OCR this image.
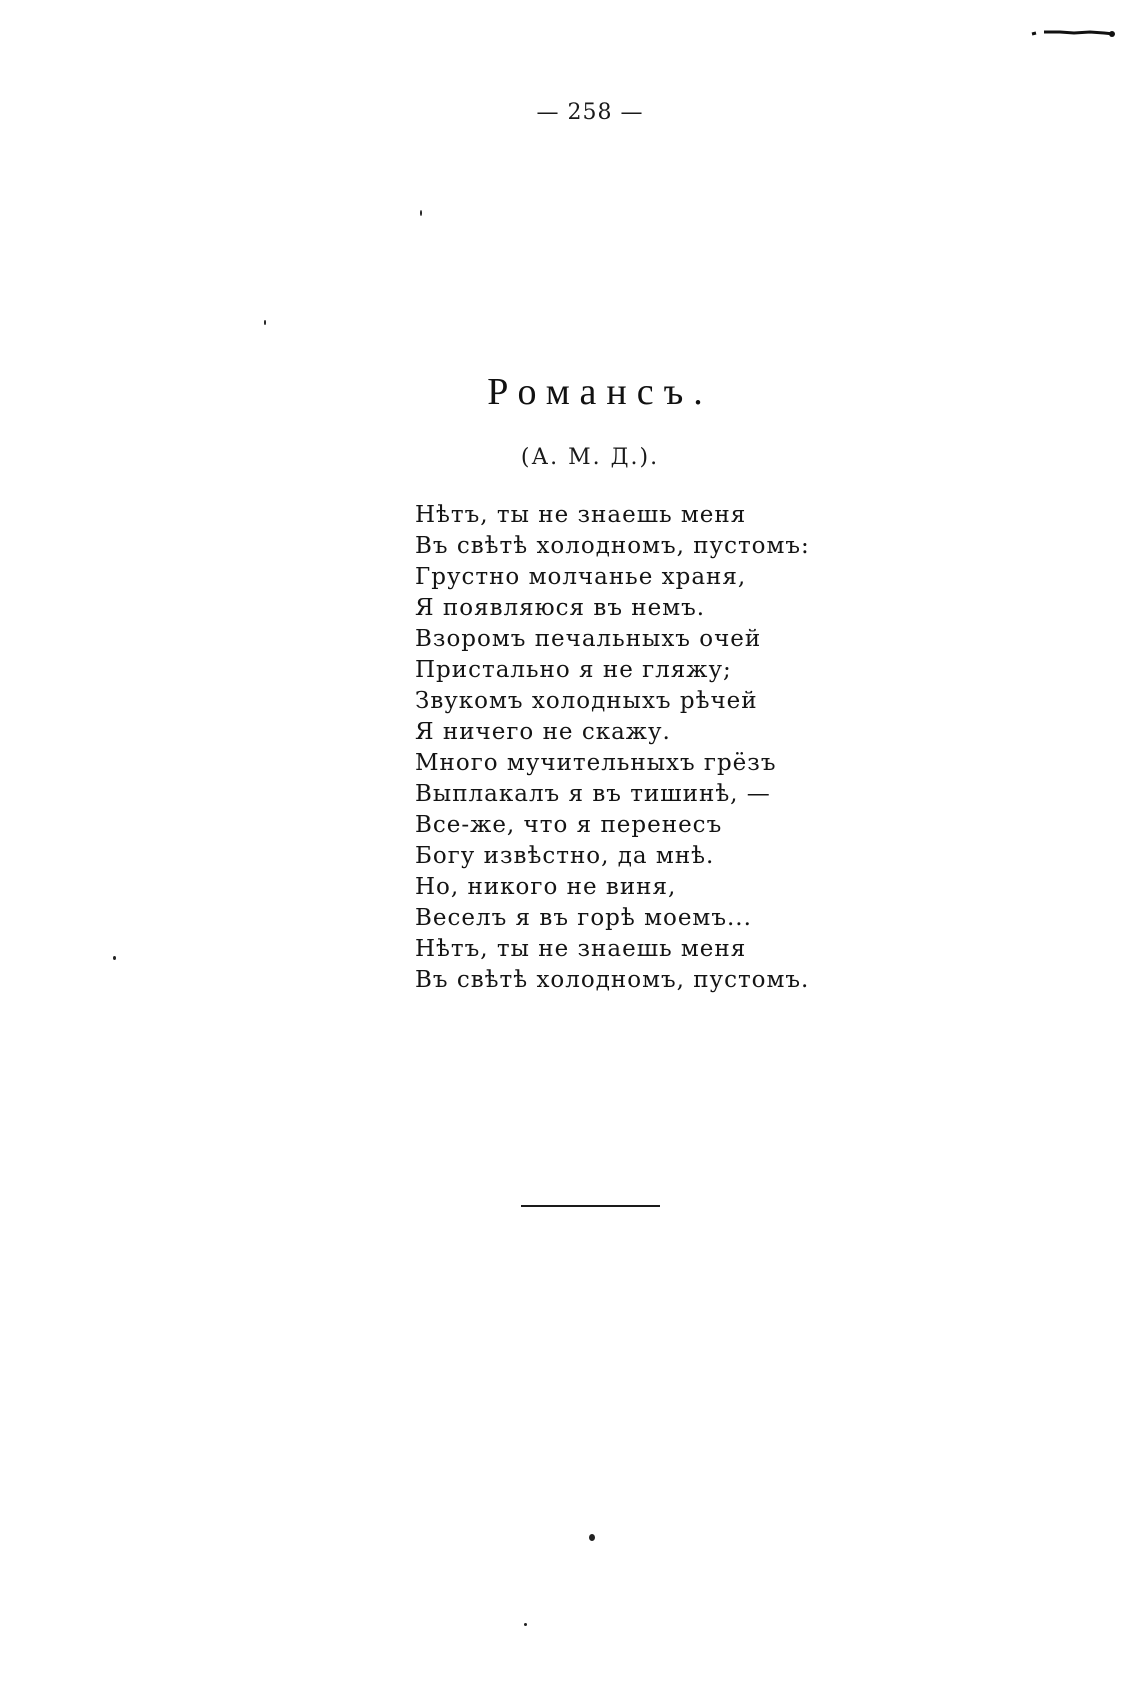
— 258 —
Романсъ.
(А. М. Д.).
Нѣтъ, ты не знаешь меня
Въ свѣтѣ холодномъ, пустомъ:
Грустно молчанье храня,
Я появляюся въ немъ.
Взоромъ печальныхъ очей
Пристально я не гляжу;
Звукомъ холодныхъ рѣчей
Я ничего не скажу.
Много мучительныхъ грёзъ
Выплакалъ я въ тишинѣ, —
Все-же, что я перенесъ
Богу извѣстно, да мнѣ.
Но, никого не виня,
Веселъ я въ горѣ моемъ...
Нѣтъ, ты не знаешь меня
Въ свѣтѣ холодномъ, пустомъ.
